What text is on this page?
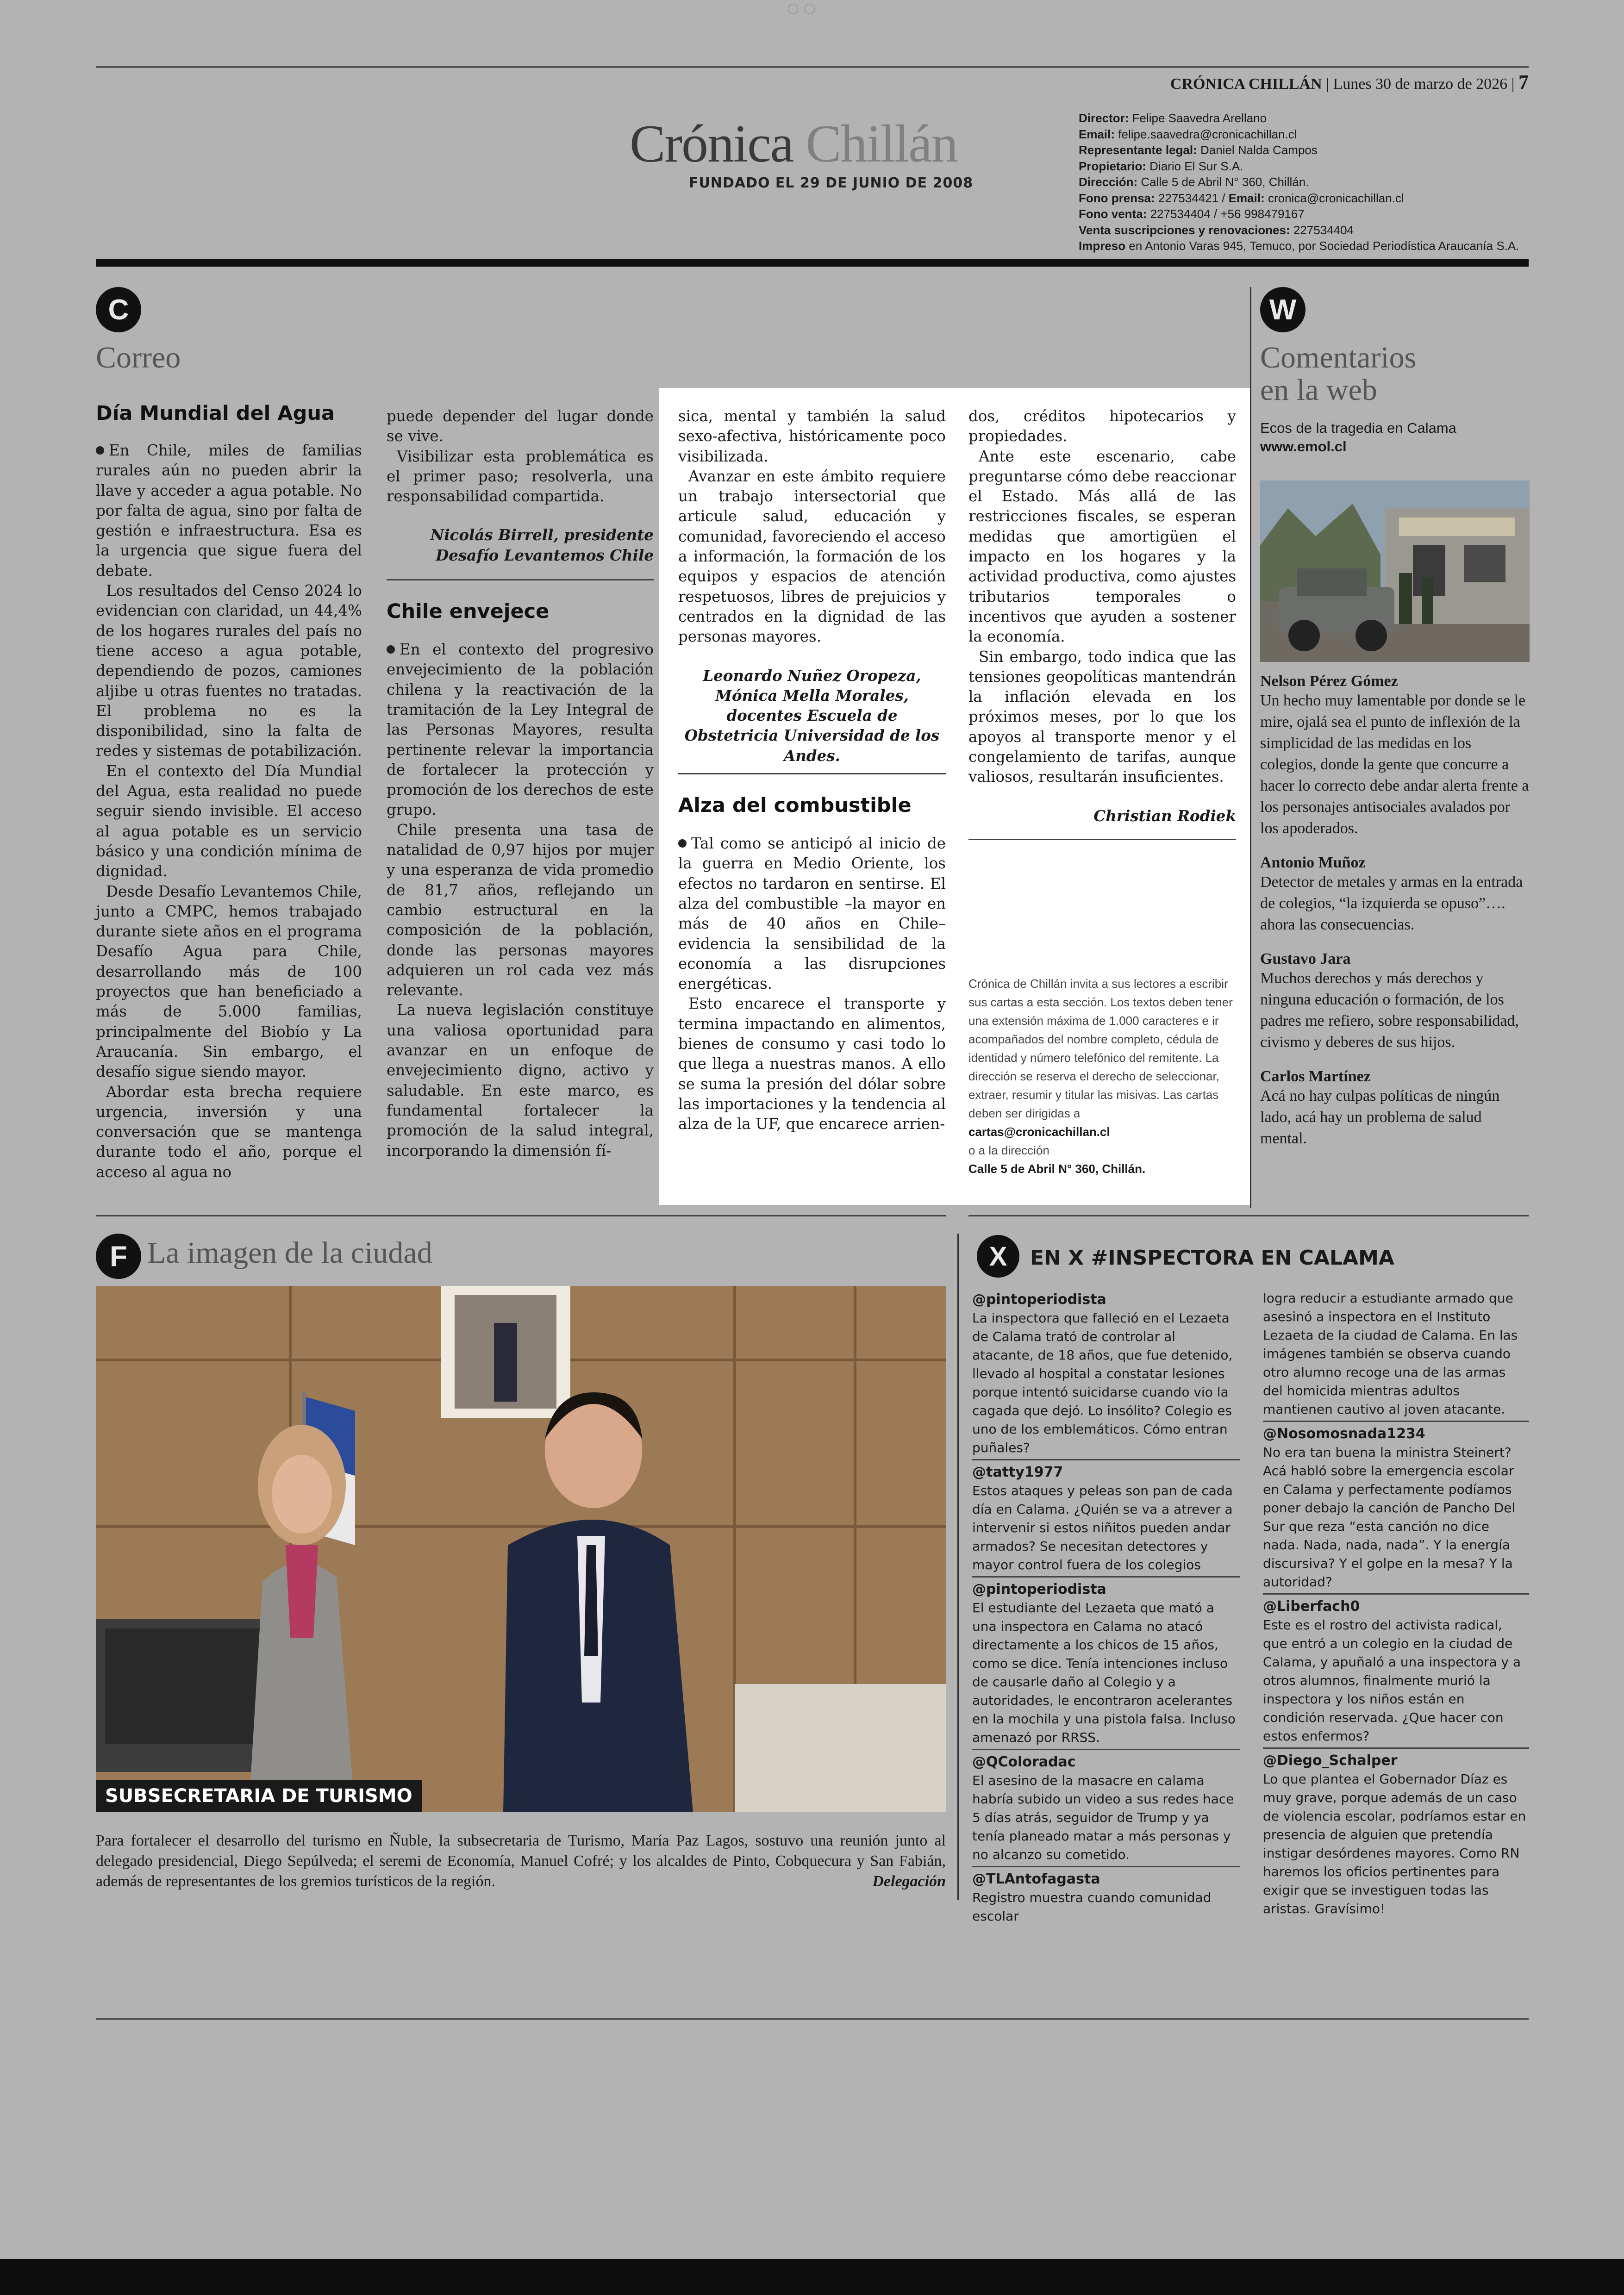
○ ○
CRÓNICA CHILLÁN | Lunes 30 de marzo de 2026 | 7
Crónica Chillán
FUNDADO EL 29 DE JUNIO DE 2008
Director: Felipe Saavedra Arellano
Email: felipe.saavedra@cronicachillan.cl
Representante legal: Daniel Nalda Campos
Propietario: Diario El Sur S.A.
Dirección: Calle 5 de Abril N° 360, Chillán.
Fono prensa: 227534421 / Email: cronica@cronicachillan.cl
Fono venta: 227534404 / +56 998479167
Venta suscripciones y renovaciones: 227534404
Impreso en Antonio Varas 945, Temuco, por Sociedad Periodística Araucanía S.A.
C
Correo
Día Mundial del Agua

En Chile, miles de familias rurales aún no pueden abrir la llave y acceder a agua potable. No por falta de agua, sino por falta de gestión e infraestructura. Esa es la urgencia que sigue fuera del debate.

Los resultados del Censo 2024 lo evidencian con claridad, un 44,4% de los hogares rurales del país no tiene acceso a agua potable, dependiendo de pozos, camiones aljibe u otras fuentes no tratadas. El problema no es la disponibilidad, sino la falta de redes y sistemas de potabilización.

En el contexto del Día Mundial del Agua, esta realidad no puede seguir siendo invisible. El acceso al agua potable es un servicio básico y una condición mínima de dignidad.

Desde Desafío Levantemos Chile, junto a CMPC, hemos trabajado durante siete años en el programa Desafío Agua para Chile, desarrollando más de 100 proyectos que han beneficiado a más de 5.000 familias, principalmente del Biobío y La Araucanía. Sin embargo, el desafío sigue siendo mayor.

Abordar esta brecha requiere urgencia, inversión y una conversación que se mantenga durante todo el año, porque el acceso al agua no

puede depender del lugar donde se vive.

Visibilizar esta problemática es el primer paso; resolverla, una responsabilidad compartida.

Nicolás Birrell, presidente Desafío Levantemos Chile
Chile envejece

En el contexto del progresivo envejecimiento de la población chilena y la reactivación de la tramitación de la Ley Integral de las Personas Mayores, resulta pertinente relevar la importancia de fortalecer la protección y promoción de los derechos de este grupo.

Chile presenta una tasa de natalidad de 0,97 hijos por mujer y una esperanza de vida promedio de 81,7 años, reflejando un cambio estructural en la composición de la población, donde las personas mayores adquieren un rol cada vez más relevante.

La nueva legislación constituye una valiosa oportunidad para avanzar en un enfoque de envejecimiento digno, activo y saludable. En este marco, es fundamental fortalecer la promoción de la salud integral, incorporando la dimensión fí-

sica, mental y también la salud sexo-afectiva, históricamente poco visibilizada.

Avanzar en este ámbito requiere un trabajo intersectorial que articule salud, educación y comunidad, favoreciendo el acceso a información, la formación de los equipos y espacios de atención respetuosos, libres de prejuicios y centrados en la dignidad de las personas mayores.

Leonardo Nuñez Oropeza, Mónica Mella Morales, docentes Escuela de Obstetricia Universidad de los Andes.
Alza del combustible

Tal como se anticipó al inicio de la guerra en Medio Oriente, los efectos no tardaron en sentirse. El alza del combustible –la mayor en más de 40 años en Chile– evidencia la sensibilidad de la economía a las disrupciones energéticas.

Esto encarece el transporte y termina impactando en alimentos, bienes de consumo y casi todo lo que llega a nuestras manos. A ello se suma la presión del dólar sobre las importaciones y la tendencia al alza de la UF, que encarece arrien-

dos, créditos hipotecarios y propiedades.

Ante este escenario, cabe preguntarse cómo debe reaccionar el Estado. Más allá de las restricciones fiscales, se esperan medidas que amortigüen el impacto en los hogares y la actividad productiva, como ajustes tributarios temporales o incentivos que ayuden a sostener la economía.

Sin embargo, todo indica que las tensiones geopolíticas mantendrán la inflación elevada en los próximos meses, por lo que los apoyos al transporte menor y el congelamiento de tarifas, aunque valiosos, resultarán insuficientes.

Christian Rodiek
Crónica de Chillán invita a sus lectores a escribir sus cartas a esta sección. Los textos deben tener una extensión máxima de 1.000 caracteres e ir acompañados del nombre completo, cédula de identidad y número telefónico del remitente. La dirección se reserva el derecho de seleccionar, extraer, resumir y titular las misivas. Las cartas deben ser dirigidas a
cartas@cronicachillan.cl
o a la dirección
Calle 5 de Abril N° 360, Chillán.
W
Comentarios
en la web
Ecos de la tragedia en Calama
www.emol.cl
Nelson Pérez Gómez
Un hecho muy lamentable por donde se le mire, ojalá sea el punto de inflexión de la simplicidad de las medidas en los colegios, donde la gente que concurre a hacer lo correcto debe andar alerta frente a los personajes antisociales avalados por los apoderados.
Antonio Muñoz
Detector de metales y armas en la entrada de colegios, “la izquierda se opuso”…. ahora las consecuencias.
Gustavo Jara
Muchos derechos y más derechos y ninguna educación o formación, de los padres me refiero, sobre responsabilidad, civismo y deberes de sus hijos.
Carlos Martínez
Acá no hay culpas políticas de ningún lado, acá hay un problema de salud mental.
F La imagen de la ciudad
SUBSECRETARIA DE TURISMO
Para fortalecer el desarrollo del turismo en Ñuble, la subsecretaria de Turismo, María Paz Lagos, sostuvo una reunión junto al delegado presidencial, Diego Sepúlveda; el seremi de Economía, Manuel Cofré; y los alcaldes de Pinto, Cobquecura y San Fabián, además de representantes de los gremios turísticos de la región.	Delegación
X	EN X #INSPECTORA EN CALAMA
@pintoperiodista
La inspectora que falleció en el Lezaeta de Calama trató de controlar al atacante, de 18 años, que fue detenido, llevado al hospital a constatar lesiones porque intentó suicidarse cuando vio la cagada que dejó. Lo insólito? Colegio es uno de los emblemáticos. Cómo entran puñales?
@tatty1977
Estos ataques y peleas son pan de cada día en Calama. ¿Quién se va a atrever a intervenir si estos niñitos pueden andar armados? Se necesitan detectores y mayor control fuera de los colegios
@pintoperiodista
El estudiante del Lezaeta que mató a una inspectora en Calama no atacó directamente a los chicos de 15 años, como se dice. Tenía intenciones incluso de causarle daño al Colegio y a autoridades, le encontraron acelerantes en la mochila y una pistola falsa. Incluso amenazó por RRSS.
@QColoradac
El asesino de la masacre en calama habría subido un video a sus redes hace 5 días atrás, seguidor de Trump y ya tenía planeado matar a más personas y no alcanzo su cometido.
@TLAntofagasta
Registro muestra cuando comunidad escolar
logra reducir a estudiante armado que asesinó a inspectora en el Instituto Lezaeta de la ciudad de Calama. En las imágenes también se observa cuando otro alumno recoge una de las armas del homicida mientras adultos mantienen cautivo al joven atacante.
@Nosomosnada1234
No era tan buena la ministra Steinert? Acá habló sobre la emergencia escolar en Calama y perfectamente podíamos poner debajo la canción de Pancho Del Sur que reza “esta canción no dice nada. Nada, nada, nada”. Y la energía discursiva? Y el golpe en la mesa? Y la autoridad?
@Liberfach0
Este es el rostro del activista radical, que entró a un colegio en la ciudad de Calama, y apuñaló a una inspectora y a otros alumnos, finalmente murió la inspectora y los niños están en condición reservada. ¿Que hacer con estos enfermos?
@Diego_Schalper
Lo que plantea el Gobernador Díaz es muy grave, porque además de un caso de violencia escolar, podríamos estar en presencia de alguien que pretendía instigar desórdenes mayores. Como RN haremos los oficios pertinentes para exigir que se investiguen todas las aristas. Gravísimo!
